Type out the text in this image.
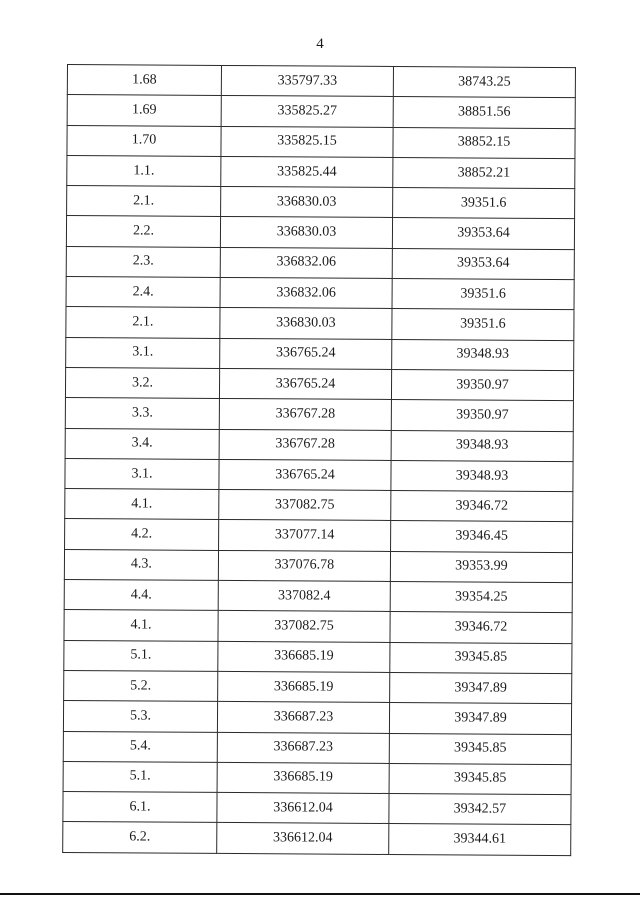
4
1.68	335797.33	38743.25
1.69	335825.27	38851.56
1.70	335825.15	38852.15
1.1.	335825.44	38852.21
2.1.	336830.03	39351.6
2.2.	336830.03	39353.64
2.3.	336832.06	39353.64
2.4.	336832.06	39351.6
2.1.	336830.03	39351.6
3.1.	336765.24	39348.93
3.2.	336765.24	39350.97
3.3.	336767.28	39350.97
3.4.	336767.28	39348.93
3.1.	336765.24	39348.93
4.1.	337082.75	39346.72
4.2.	337077.14	39346.45
4.3.	337076.78	39353.99
4.4.	337082.4	39354.25
4.1.	337082.75	39346.72
5.1.	336685.19	39345.85
5.2.	336685.19	39347.89
5.3.	336687.23	39347.89
5.4.	336687.23	39345.85
5.1.	336685.19	39345.85
6.1.	336612.04	39342.57
6.2.	336612.04	39344.61
